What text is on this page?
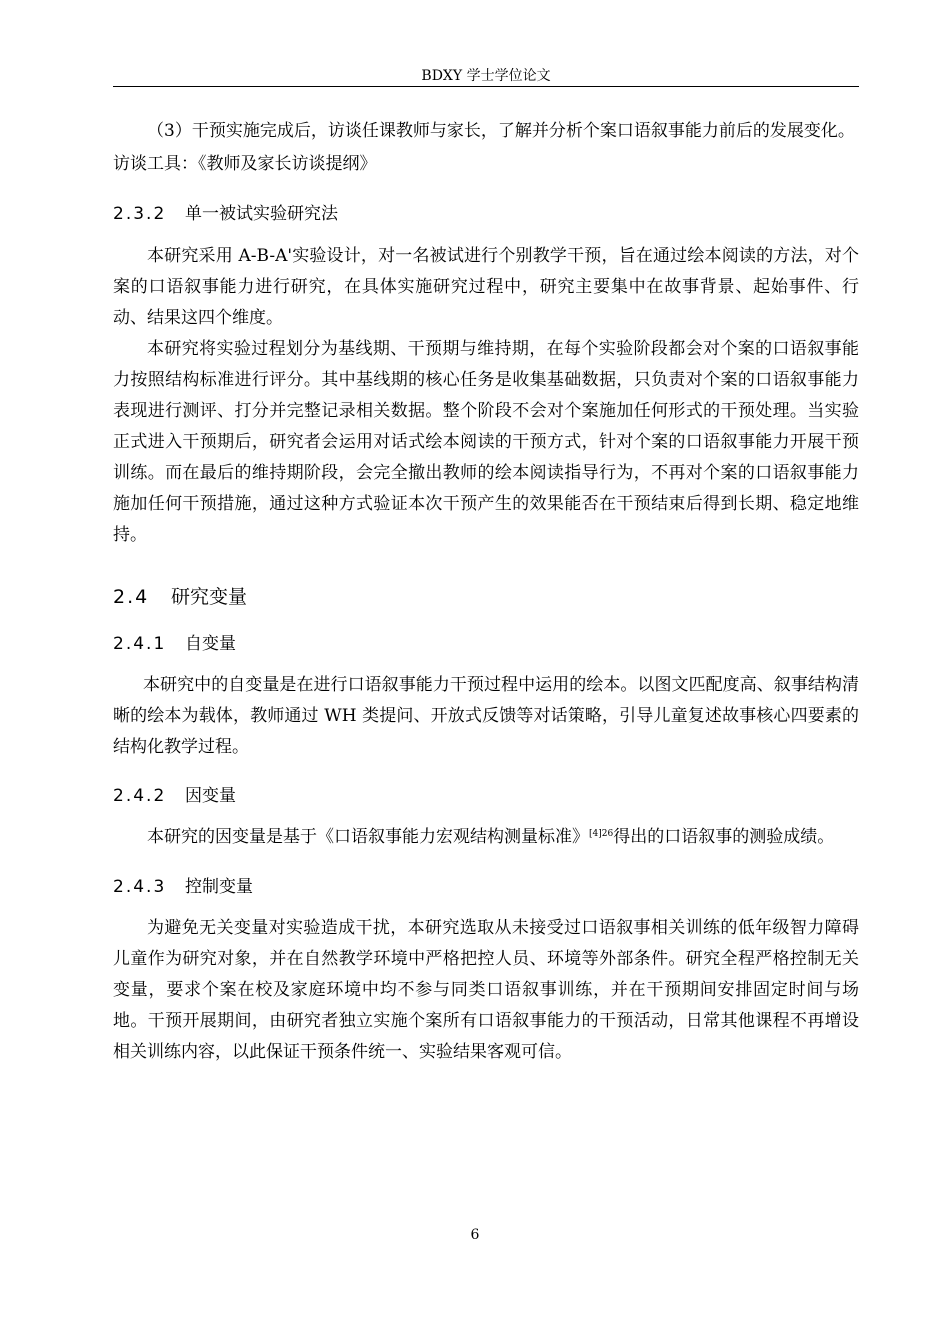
BDXY 学士学位论文

（3）干预实施完成后，访谈任课教师与家长，了解并分析个案口语叙事能力前后的发展变化。

访谈工具：《教师及家长访谈提纲》

2.3.2 单一被试实验研究法

本研究采用 A-B-A'实验设计，对一名被试进行个别教学干预，旨在通过绘本阅读的方法，对个案的口语叙事能力进行研究，在具体实施研究过程中，研究主要集中在故事背景、起始事件、行动、结果这四个维度。

本研究将实验过程划分为基线期、干预期与维持期，在每个实验阶段都会对个案的口语叙事能力按照结构标准进行评分。其中基线期的核心任务是收集基础数据，只负责对个案的口语叙事能力表现进行测评、打分并完整记录相关数据。整个阶段不会对个案施加任何形式的干预处理。当实验正式进入干预期后，研究者会运用对话式绘本阅读的干预方式，针对个案的口语叙事能力开展干预训练。而在最后的维持期阶段，会完全撤出教师的绘本阅读指导行为，不再对个案的口语叙事能力施加任何干预措施，通过这种方式验证本次干预产生的效果能否在干预结束后得到长期、稳定地维持。

2.4 研究变量
2.4.1 自变量

本研究中的自变量是在进行口语叙事能力干预过程中运用的绘本。以图文匹配度高、叙事结构清晰的绘本为载体，教师通过 WH 类提问、开放式反馈等对话策略，引导儿童复述故事核心四要素的结构化教学过程。

2.4.2 因变量

本研究的因变量是基于《口语叙事能力宏观结构测量标准》$^{[4]26}$得出的口语叙事的测验成绩。

2.4.3 控制变量

为避免无关变量对实验造成干扰，本研究选取从未接受过口语叙事相关训练的低年级智力障碍儿童作为研究对象，并在自然教学环境中严格把控人员、环境等外部条件。研究全程严格控制无关变量，要求个案在校及家庭环境中均不参与同类口语叙事训练，并在干预期间安排固定时间与场地。干预开展期间，由研究者独立实施个案所有口语叙事能力的干预活动，日常其他课程不再增设相关训练内容，以此保证干预条件统一、实验结果客观可信。

6
